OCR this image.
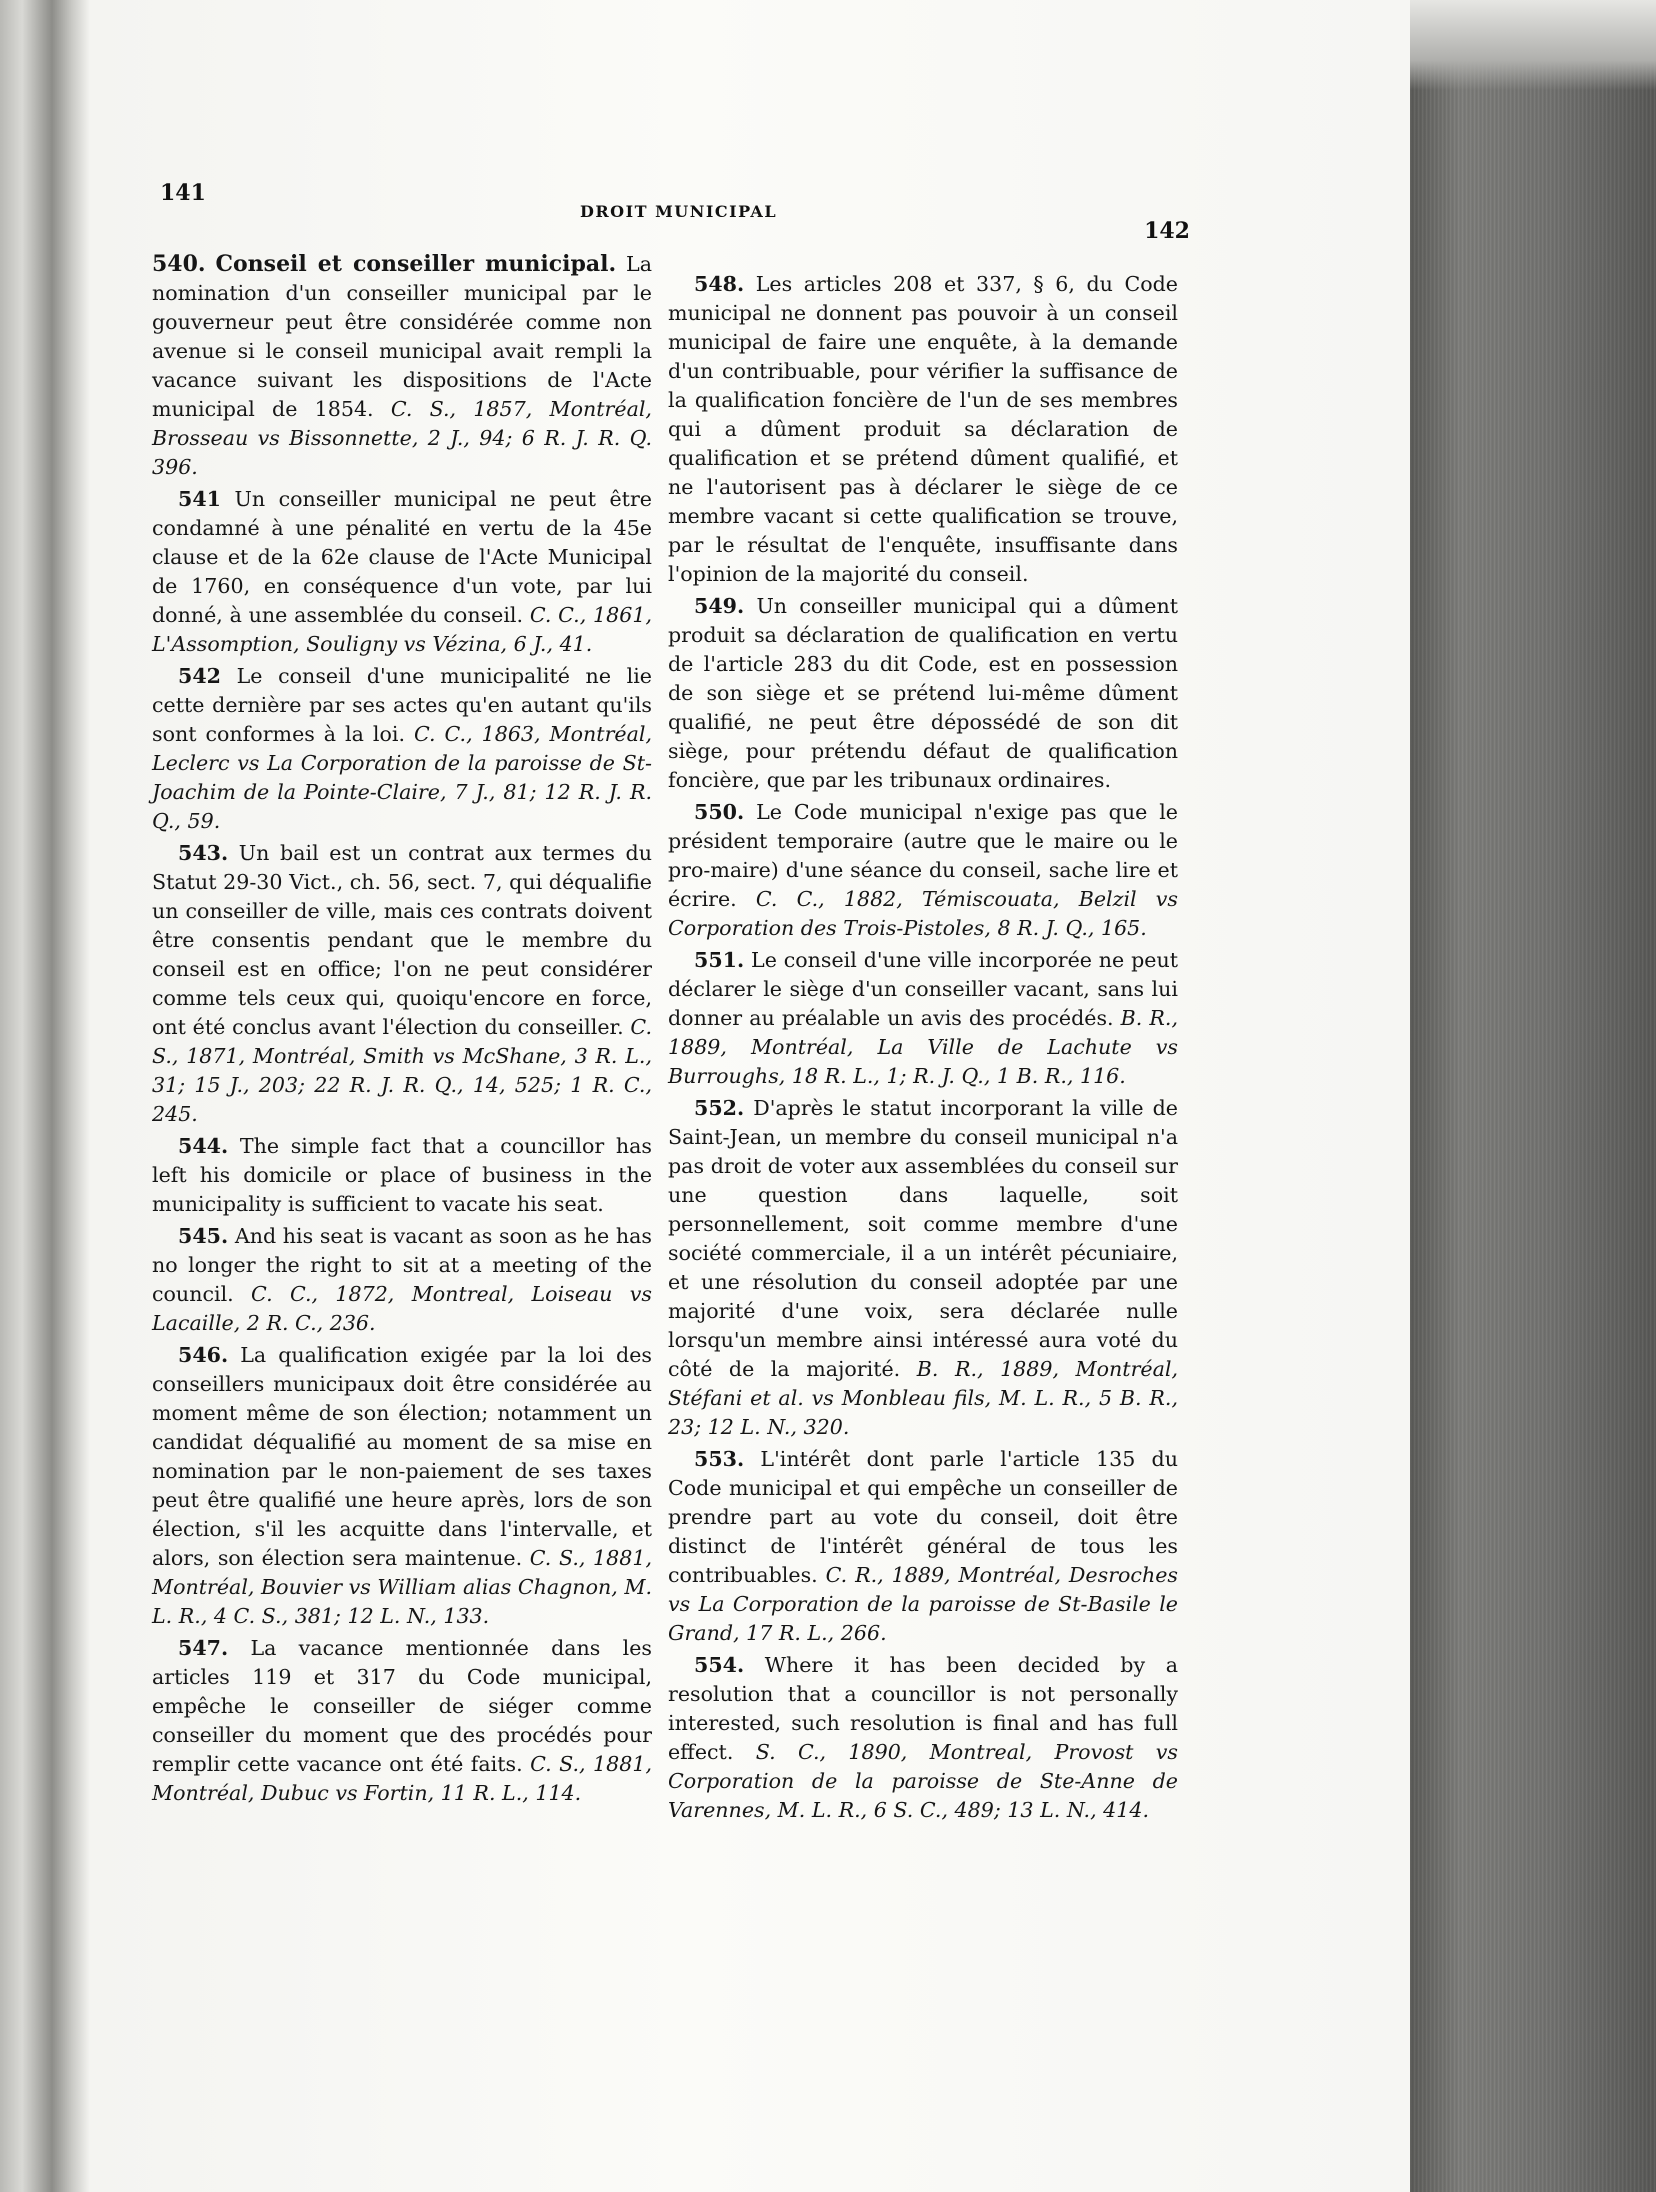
141
DROIT MUNICIPAL
142

540. Conseil et conseiller municipal. La nomination d'un conseiller municipal par le gouverneur peut être considérée comme non avenue si le conseil municipal avait rempli la vacance suivant les dispositions de l'Acte municipal de 1854. C. S., 1857, Montréal, Brosseau vs Bissonnette, 2 J., 94; 6 R. J. R. Q. 396.

541 Un conseiller municipal ne peut être condamné à une pénalité en vertu de la 45e clause et de la 62e clause de l'Acte Municipal de 1760, en conséquence d'un vote, par lui donné, à une assemblée du conseil. C. C., 1861, L'Assomption, Souligny vs Vézina, 6 J., 41.

542 Le conseil d'une municipalité ne lie cette dernière par ses actes qu'en autant qu'ils sont conformes à la loi. C. C., 1863, Montréal, Leclerc vs La Corporation de la paroisse de St-Joachim de la Pointe-Claire, 7 J., 81; 12 R. J. R. Q., 59.

543. Un bail est un contrat aux termes du Statut 29-30 Vict., ch. 56, sect. 7, qui déqualifie un conseiller de ville, mais ces contrats doivent être consentis pendant que le membre du conseil est en office; l'on ne peut considérer comme tels ceux qui, quoiqu'encore en force, ont été conclus avant l'élection du conseiller. C. S., 1871, Montréal, Smith vs McShane, 3 R. L., 31; 15 J., 203; 22 R. J. R. Q., 14, 525; 1 R. C., 245.

544. The simple fact that a councillor has left his domicile or place of business in the municipality is sufficient to vacate his seat.

545. And his seat is vacant as soon as he has no longer the right to sit at a meeting of the council. C. C., 1872, Montreal, Loiseau vs Lacaille, 2 R. C., 236.

546. La qualification exigée par la loi des conseillers municipaux doit être considérée au moment même de son élection; notamment un candidat déqualifié au moment de sa mise en nomination par le non-paiement de ses taxes peut être qualifié une heure après, lors de son élection, s'il les acquitte dans l'intervalle, et alors, son élection sera maintenue. C. S., 1881, Montréal, Bouvier vs William alias Chagnon, M. L. R., 4 C. S., 381; 12 L. N., 133.

547. La vacance mentionnée dans les articles 119 et 317 du Code municipal, empêche le conseiller de siéger comme conseiller du moment que des procédés pour remplir cette vacance ont été faits. C. S., 1881, Montréal, Dubuc vs Fortin, 11 R. L., 114.

548. Les articles 208 et 337, § 6, du Code municipal ne donnent pas pouvoir à un conseil municipal de faire une enquête, à la demande d'un contribuable, pour vérifier la suffisance de la qualification foncière de l'un de ses membres qui a dûment produit sa déclaration de qualification et se prétend dûment qualifié, et ne l'autorisent pas à déclarer le siège de ce membre vacant si cette qualification se trouve, par le résultat de l'enquête, insuffisante dans l'opinion de la majorité du conseil.

549. Un conseiller municipal qui a dûment produit sa déclaration de qualification en vertu de l'article 283 du dit Code, est en possession de son siège et se prétend lui-même dûment qualifié, ne peut être dépossédé de son dit siège, pour prétendu défaut de qualification foncière, que par les tribunaux ordinaires.

550. Le Code municipal n'exige pas que le président temporaire (autre que le maire ou le pro-maire) d'une séance du conseil, sache lire et écrire. C. C., 1882, Témiscouata, Belzil vs Corporation des Trois-Pistoles, 8 R. J. Q., 165.

551. Le conseil d'une ville incorporée ne peut déclarer le siège d'un conseiller vacant, sans lui donner au préalable un avis des procédés. B. R., 1889, Montréal, La Ville de Lachute vs Burroughs, 18 R. L., 1; R. J. Q., 1 B. R., 116.

552. D'après le statut incorporant la ville de Saint-Jean, un membre du conseil municipal n'a pas droit de voter aux assemblées du conseil sur une question dans laquelle, soit personnellement, soit comme membre d'une société commerciale, il a un intérêt pécuniaire, et une résolution du conseil adoptée par une majorité d'une voix, sera déclarée nulle lorsqu'un membre ainsi intéressé aura voté du côté de la majorité. B. R., 1889, Montréal, Stéfani et al. vs Monbleau fils, M. L. R., 5 B. R., 23; 12 L. N., 320.

553. L'intérêt dont parle l'article 135 du Code municipal et qui empêche un conseiller de prendre part au vote du conseil, doit être distinct de l'intérêt général de tous les contribuables. C. R., 1889, Montréal, Desroches vs La Corporation de la paroisse de St-Basile le Grand, 17 R. L., 266.

554. Where it has been decided by a resolution that a councillor is not personally interested, such resolution is final and has full effect. S. C., 1890, Montreal, Provost vs Corporation de la paroisse de Ste-Anne de Varennes, M. L. R., 6 S. C., 489; 13 L. N., 414.
